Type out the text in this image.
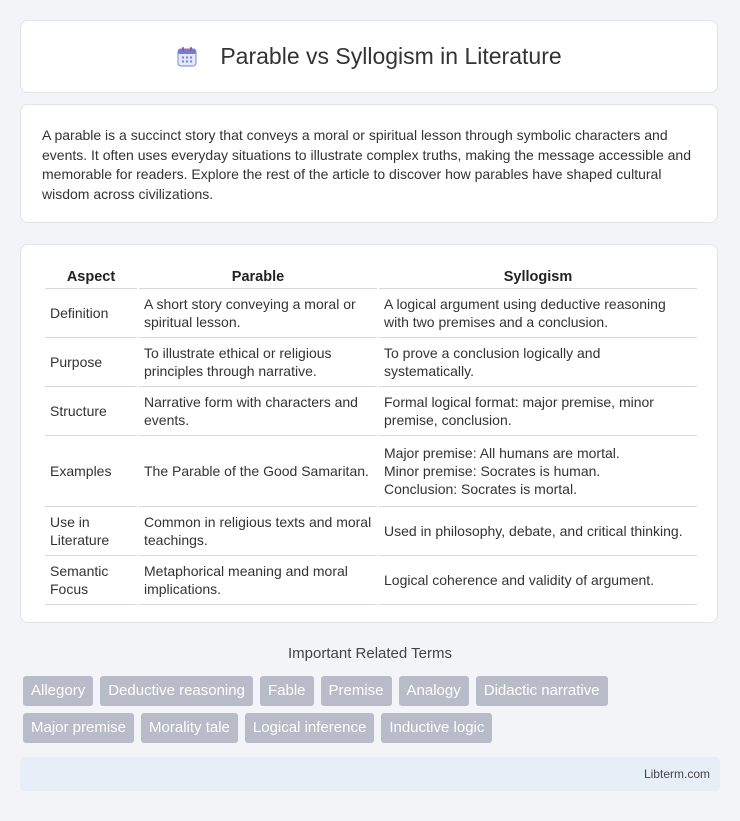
Parable vs Syllogism in Literature

A parable is a succinct story that conveys a moral or spiritual lesson through symbolic characters and events. It often uses everyday situations to illustrate complex truths, making the message accessible and memorable for readers. Explore the rest of the article to discover how parables have shaped cultural wisdom across civilizations.

Aspect	Parable	Syllogism
Definition	A short story conveying a moral or spiritual lesson.	A logical argument using deductive reasoning with two premises and a conclusion.
Purpose	To illustrate ethical or religious principles through narrative.	To prove a conclusion logically and systematically.
Structure	Narrative form with characters and events.	Formal logical format: major premise, minor premise, conclusion.
Examples	The Parable of the Good Samaritan.	Major premise: All humans are mortal.
Minor premise: Socrates is human.
Conclusion: Socrates is mortal.

Use in Literature	Common in religious texts and moral teachings.	Used in philosophy, debate, and critical thinking.
Semantic Focus	Metaphorical meaning and moral implications.	Logical coherence and validity of argument.
Important Related Terms
Allegory	Deductive reasoning	Fable	Premise	Analogy	Didactic narrative
Major premise	Morality tale	Logical inference	Inductive logic
Libterm.com
